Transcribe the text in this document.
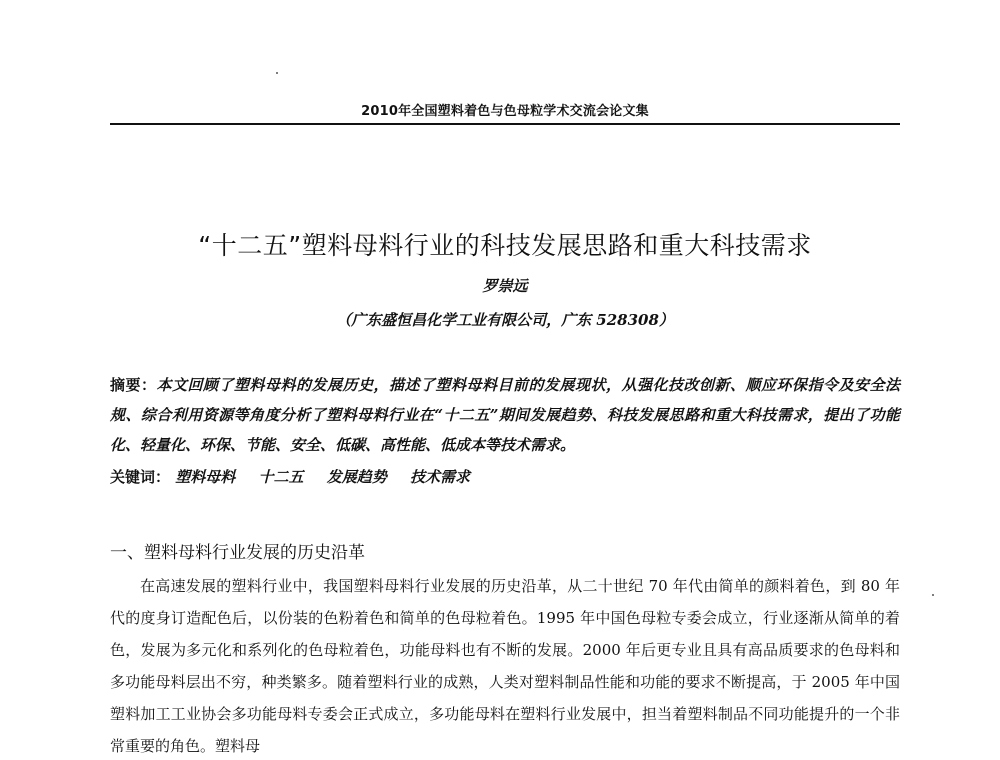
2010年全国塑料着色与色母粒学术交流会论文集
“十二五”塑料母料行业的科技发展思路和重大科技需求
罗崇远
（广东盛恒昌化学工业有限公司，广东 528308）
摘要：本文回顾了塑料母料的发展历史，描述了塑料母料目前的发展现状，从强化技改创新、顺应环保指令及安全法规、综合利用资源等角度分析了塑料母料行业在“十二五”期间发展趋势、科技发展思路和重大科技需求，提出了功能化、轻量化、环保、节能、安全、低碳、高性能、低成本等技术需求。
关键词： 塑料母料 十二五 发展趋势 技术需求
一、塑料母料行业发展的历史沿革
在高速发展的塑料行业中，我国塑料母料行业发展的历史沿革，从二十世纪 70 年代由简单的颜料着色，到 80 年代的度身订造配色后，以份装的色粉着色和简单的色母粒着色。1995 年中国色母粒专委会成立，行业逐渐从简单的着色，发展为多元化和系列化的色母粒着色，功能母料也有不断的发展。2000 年后更专业且具有高品质要求的色母料和多功能母料层出不穷，种类繁多。随着塑料行业的成熟，人类对塑料制品性能和功能的要求不断提高，于 2005 年中国塑料加工工业协会多功能母料专委会正式成立，多功能母料在塑料行业发展中，担当着塑料制品不同功能提升的一个非常重要的角色。塑料母
